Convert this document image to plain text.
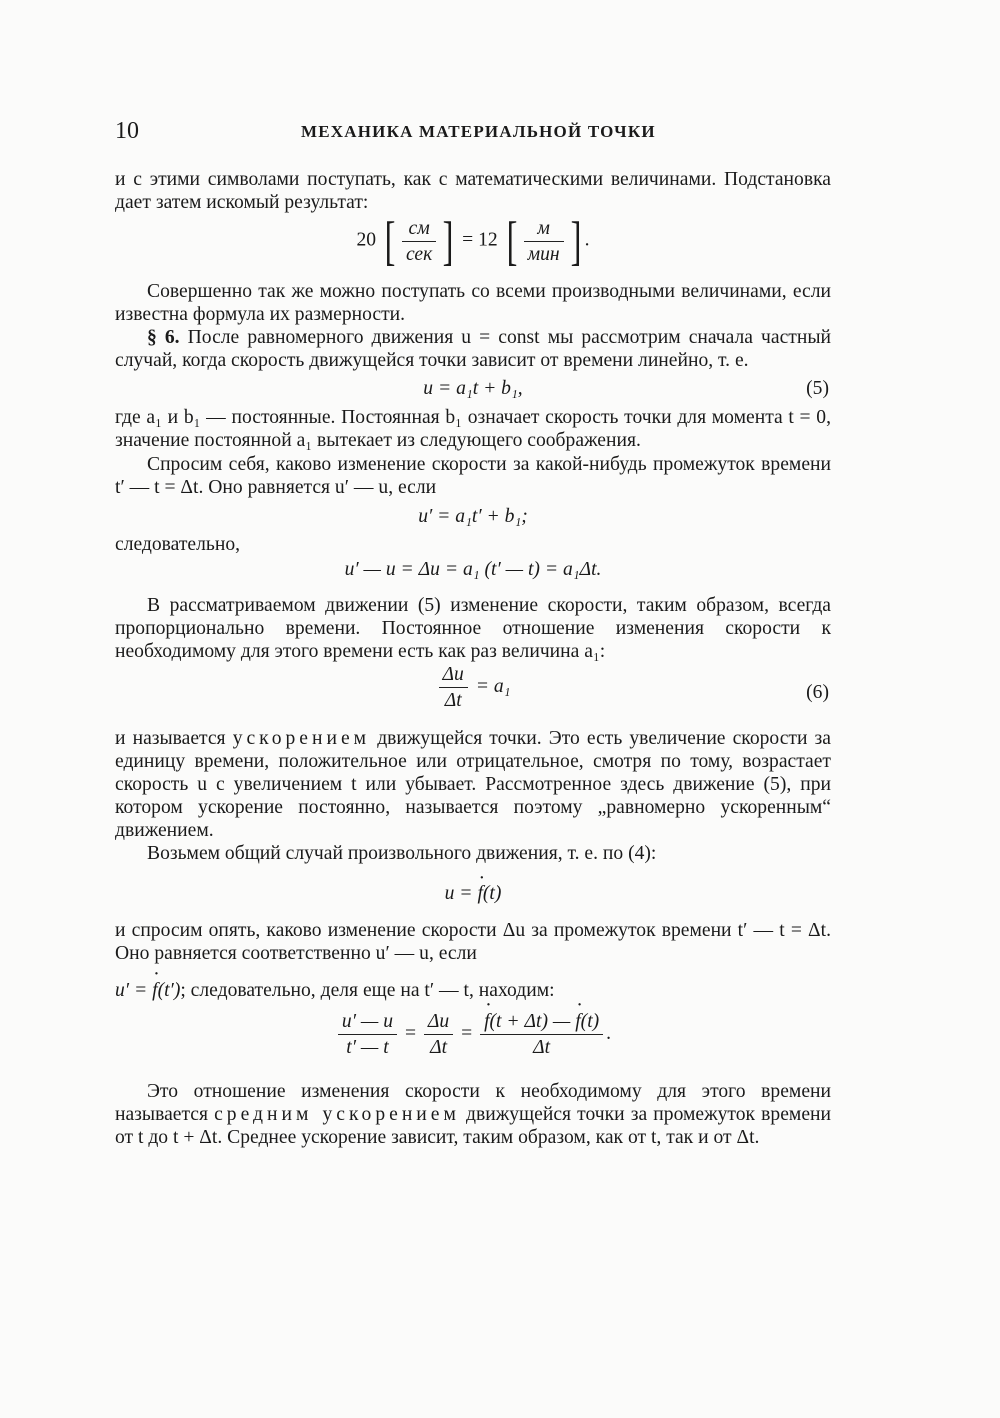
10	МЕХАНИКА МАТЕРИАЛЬНОЙ ТОЧКИ

и с этими символами поступать, как с математическими величинами. Подстановка дает затем искомый результат:

20 [ $\frac{см}{\text{сек}}$ ] = 12 [ $\frac{м}{\text{мин}}$ ] .

Совершенно так же можно поступать со всеми производными величинами, если известна формула их размерности.

§ 6. После равномерного движения u = const мы рассмотрим сначала частный случай, когда скорость движущейся точки зависит от времени линейно, т. е.

u = a₁t + b₁,	(5)

где a₁ и b₁ — постоянные. Постоянная b₁ означает скорость точки для момента t = 0, значение постоянной a₁ вытекает из следующего соображения.

Спросим себя, каково изменение скорости за какой-нибудь промежуток времени t′ — t = Δt. Оно равняется u′ — u, если

u′ = a₁t′ + b₁;

следовательно,

u′ — u = Δu = a₁ (t′ — t) = a₁Δt.

В рассматриваемом движении (5) изменение скорости, таким образом, всегда пропорционально времени. Постоянное отношение изменения скорости к необходимому для этого времени есть как раз величина a₁:

$\frac{\Delta u}{\Delta t} = a_1$	(6)

и называется ускорением движущейся точки. Это есть увеличение скорости за единицу времени, положительное или отрицательное, смотря по тому, возрастает скорость u с увеличением t или убывает. Рассмотренное здесь движение (5), при котором ускорение постоянно, называется поэтому „равномерно ускоренным“ движением.

Возьмем общий случай произвольного движения, т. е. по (4):

u = · f(t)

и спросим опять, каково изменение скорости Δu за промежуток времени t′ — t = Δt. Оно равняется соответственно u′ — u, если

u′ = · f(t′); следовательно, деля еще на t′ — t, находим:

$\frac{u' — u}{t' — t} = \frac{\Delta u}{\Delta t}$ =
· $\frac{f(t + \Delta t) — \cdot f(t)}{\Delta t}$ .

Это отношение изменения скорости к необходимому для этого времени называется средним ускорением движущейся точки за промежуток времени от t до t + Δt. Среднее ускорение зависит, таким образом, как от t, так и от Δt.
